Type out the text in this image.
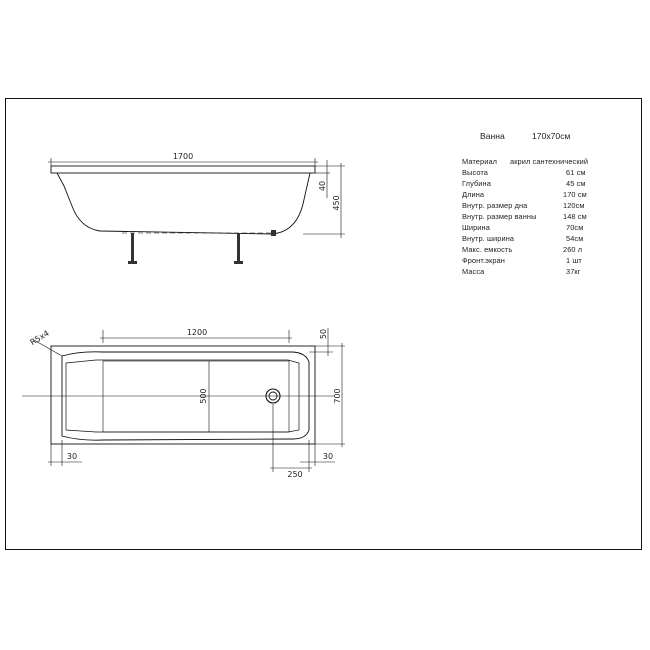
1700
40
450
1200
R5x4
500
50
700
30	30
250
Ванна	170х70см
Материал акрил сантехнический
Высота	61 см
Глубина	45 см
Длина	170 см
Внутр. размер дна	120см
Внутр. размер ванны	148 см
Ширина	70см
Внутр. ширина	54см
Макс. емкость	260 л
Фронт.экран	1 шт
Масса	37кг
